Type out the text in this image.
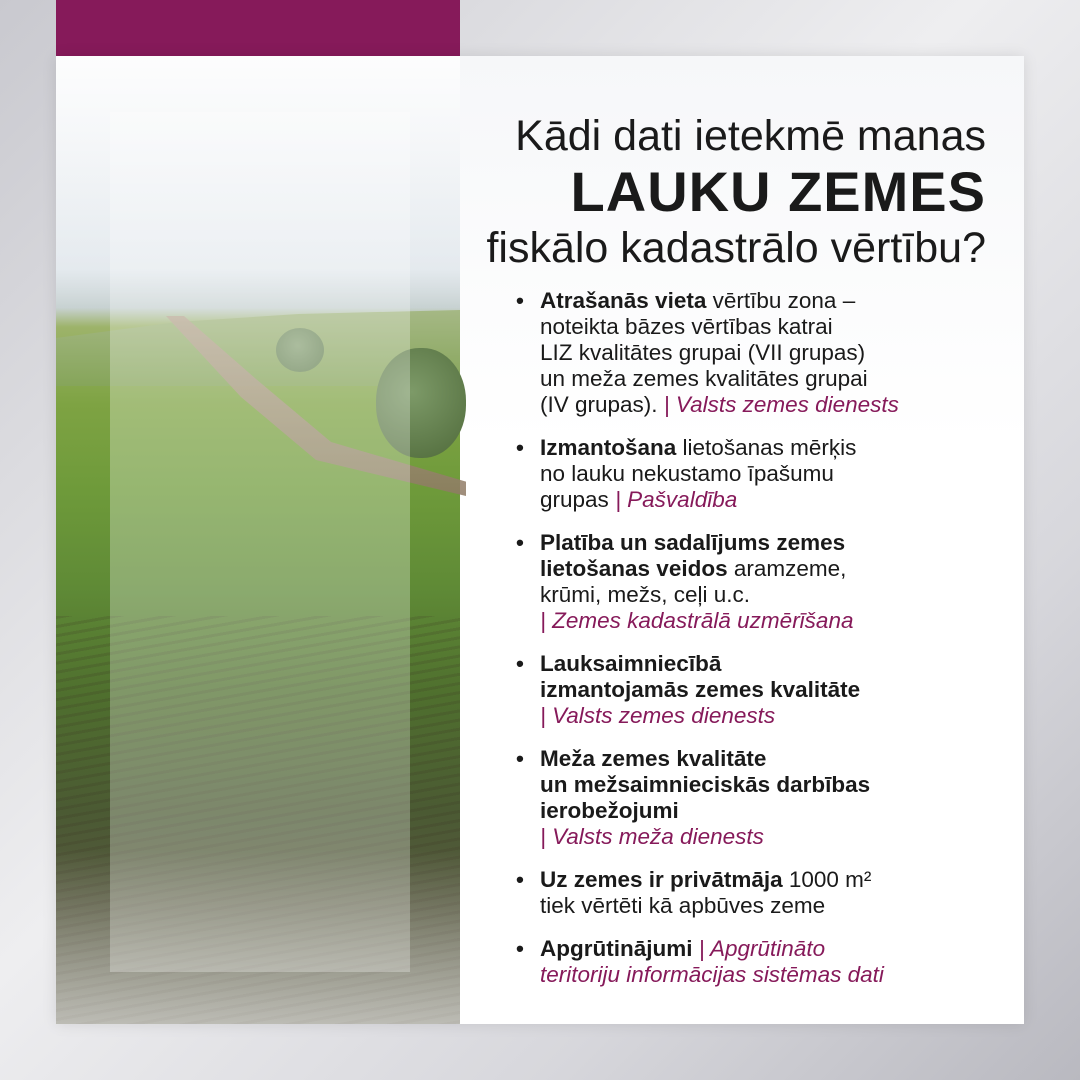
Kādi dati ietekmē manas
LAUKU ZEMES
fiskālo kadastrālo vērtību?
• Atrašanās vieta vērtību zona –
noteikta bāzes vērtības katrai
LIZ kvalitātes grupai (VII grupas)
un meža zemes kvalitātes grupai
(IV grupas). | Valsts zemes dienests
• Izmantošana lietošanas mērķis
no lauku nekustamo īpašumu
grupas | Pašvaldība
• Platība un sadalījums zemes
lietošanas veidos aramzeme,
krūmi, mežs, ceļi u.c.
| Zemes kadastrālā uzmērīšana
• Lauksaimniecībā
izmantojamās zemes kvalitāte
| Valsts zemes dienests
• Meža zemes kvalitāte
un mežsaimnieciskās darbības
ierobežojumi
| Valsts meža dienests
• Uz zemes ir privātmāja 1000 m²
tiek vērtēti kā apbūves zeme
• Apgrūtinājumi | Apgrūtināto
teritoriju informācijas sistēmas dati
